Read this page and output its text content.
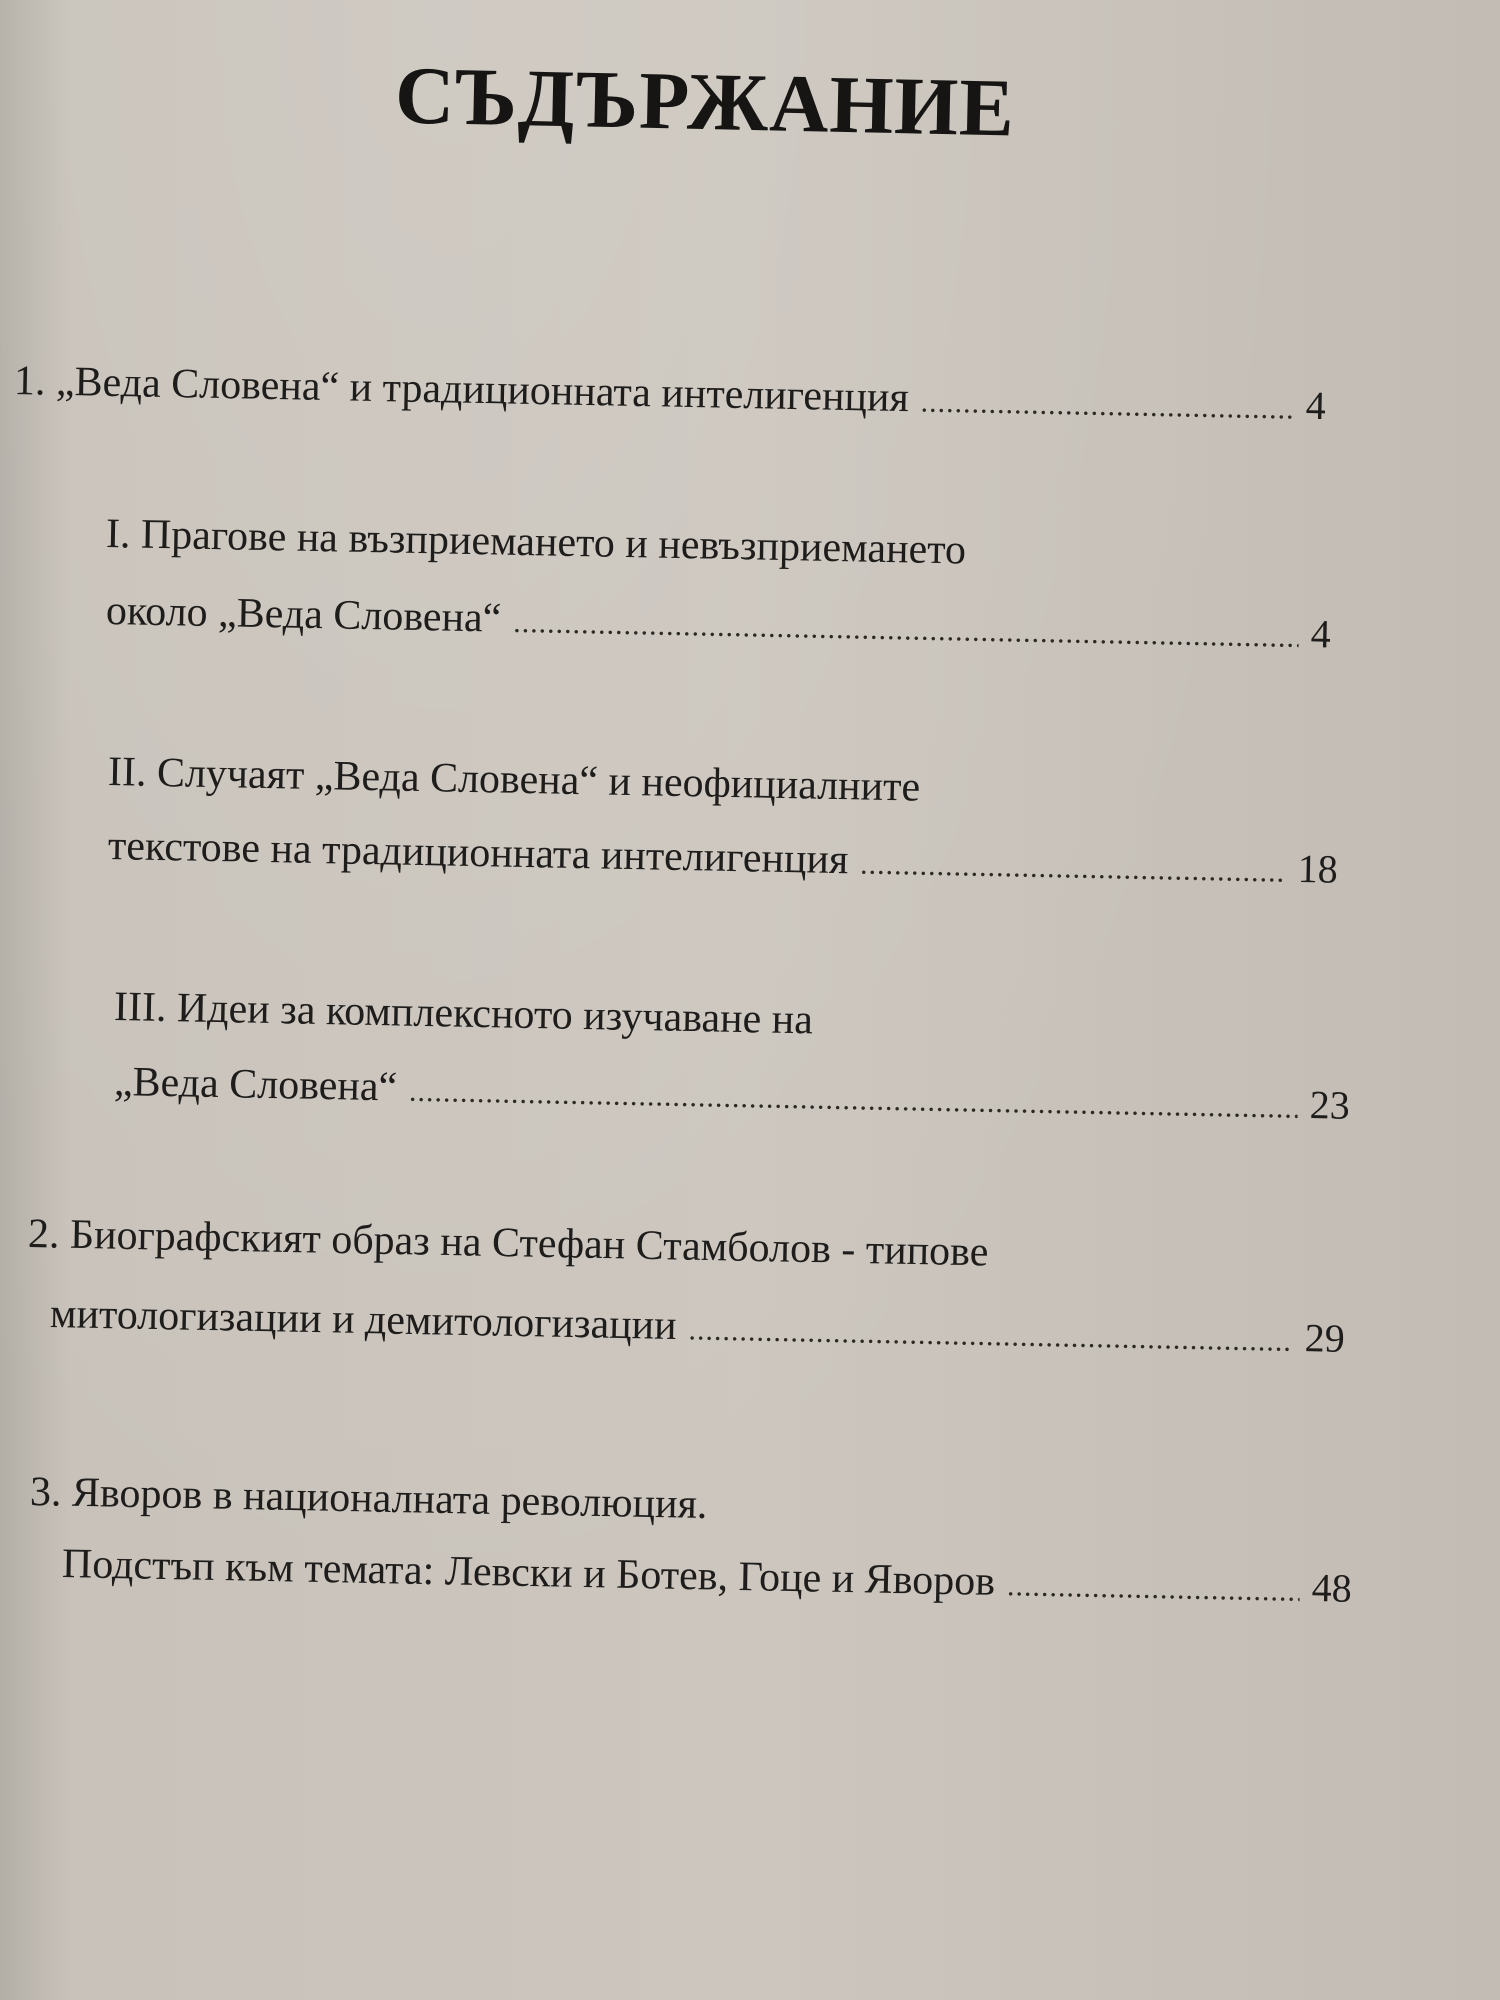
СЪДЪРЖАНИЕ
1. „Веда Словена“ и традиционната интелигенция .....	4
I. Прагове на възприемането и невъзприемането
около „Веда Словена“ .....	4
II. Случаят „Веда Словена“ и неофициалните
текстове на традиционната интелигенция .....	18
III. Идеи за комплексното изучаване на
„Веда Словена“ .....	23
2. Биографският образ на Стефан Стамболов - типове
митологизации и демитологизации .....	29
3. Яворов в националната революция.
Подстъп към темата: Левски и Ботев, Гоце и Яворов .....	48
